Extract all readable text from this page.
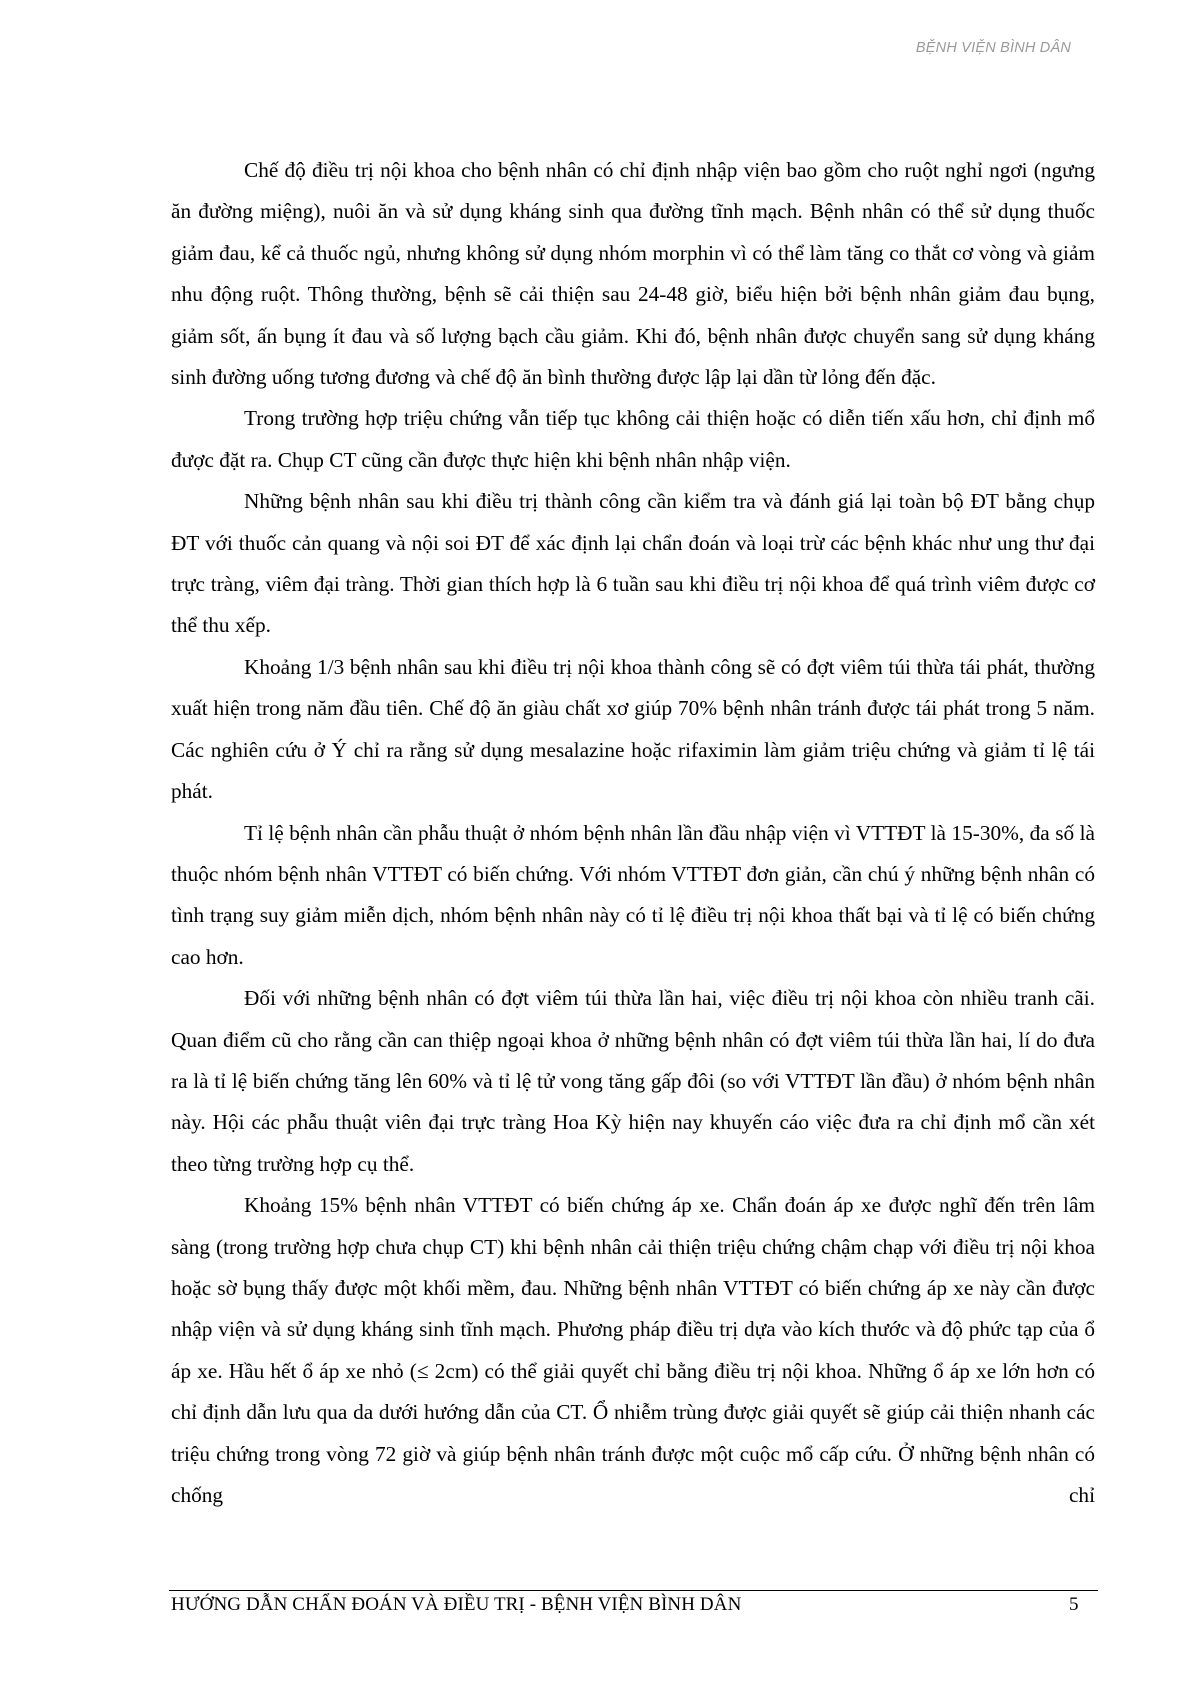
BỆNH VIỆN BÌNH DÂN

Chế độ điều trị nội khoa cho bệnh nhân có chỉ định nhập viện bao gồm cho ruột nghỉ ngơi (ngưng ăn đường miệng), nuôi ăn và sử dụng kháng sinh qua đường tĩnh mạch. Bệnh nhân có thể sử dụng thuốc giảm đau, kể cả thuốc ngủ, nhưng không sử dụng nhóm morphin vì có thể làm tăng co thắt cơ vòng và giảm nhu động ruột. Thông thường, bệnh sẽ cải thiện sau 24-48 giờ, biểu hiện bởi bệnh nhân giảm đau bụng, giảm sốt, ấn bụng ít đau và số lượng bạch cầu giảm. Khi đó, bệnh nhân được chuyển sang sử dụng kháng sinh đường uống tương đương và chế độ ăn bình thường được lập lại dần từ lỏng đến đặc.

Trong trường hợp triệu chứng vẫn tiếp tục không cải thiện hoặc có diễn tiến xấu hơn, chỉ định mổ được đặt ra. Chụp CT cũng cần được thực hiện khi bệnh nhân nhập viện.

Những bệnh nhân sau khi điều trị thành công cần kiểm tra và đánh giá lại toàn bộ ĐT bằng chụp ĐT với thuốc cản quang và nội soi ĐT để xác định lại chẩn đoán và loại trừ các bệnh khác như ung thư đại trực tràng, viêm đại tràng. Thời gian thích hợp là 6 tuần sau khi điều trị nội khoa để quá trình viêm được cơ thể thu xếp.

Khoảng 1/3 bệnh nhân sau khi điều trị nội khoa thành công sẽ có đợt viêm túi thừa tái phát, thường xuất hiện trong năm đầu tiên. Chế độ ăn giàu chất xơ giúp 70% bệnh nhân tránh được tái phát trong 5 năm. Các nghiên cứu ở Ý chỉ ra rằng sử dụng mesalazine hoặc rifaximin làm giảm triệu chứng và giảm tỉ lệ tái phát.

Tỉ lệ bệnh nhân cần phẫu thuật ở nhóm bệnh nhân lần đầu nhập viện vì VTTĐT là 15-30%, đa số là thuộc nhóm bệnh nhân VTTĐT có biến chứng. Với nhóm VTTĐT đơn giản, cần chú ý những bệnh nhân có tình trạng suy giảm miễn dịch, nhóm bệnh nhân này có tỉ lệ điều trị nội khoa thất bại và tỉ lệ có biến chứng cao hơn.

Đối với những bệnh nhân có đợt viêm túi thừa lần hai, việc điều trị nội khoa còn nhiều tranh cãi. Quan điểm cũ cho rằng cần can thiệp ngoại khoa ở những bệnh nhân có đợt viêm túi thừa lần hai, lí do đưa ra là tỉ lệ biến chứng tăng lên 60% và tỉ lệ tử vong tăng gấp đôi (so với VTTĐT lần đầu) ở nhóm bệnh nhân này. Hội các phẫu thuật viên đại trực tràng Hoa Kỳ hiện nay khuyến cáo việc đưa ra chỉ định mổ cần xét theo từng trường hợp cụ thể.

Khoảng 15% bệnh nhân VTTĐT có biến chứng áp xe. Chẩn đoán áp xe được nghĩ đến trên lâm sàng (trong trường hợp chưa chụp CT) khi bệnh nhân cải thiện triệu chứng chậm chạp với điều trị nội khoa hoặc sờ bụng thấy được một khối mềm, đau. Những bệnh nhân VTTĐT có biến chứng áp xe này cần được nhập viện và sử dụng kháng sinh tĩnh mạch. Phương pháp điều trị dựa vào kích thước và độ phức tạp của ổ áp xe. Hầu hết ổ áp xe nhỏ (≤ 2cm) có thể giải quyết chỉ bằng điều trị nội khoa. Những ổ áp xe lớn hơn có chỉ định dẫn lưu qua da dưới hướng dẫn của CT. Ổ nhiễm trùng được giải quyết sẽ giúp cải thiện nhanh các triệu chứng trong vòng 72 giờ và giúp bệnh nhân tránh được một cuộc mổ cấp cứu. Ở những bệnh nhân có chống chỉ

HƯỚNG DẪN CHẨN ĐOÁN VÀ ĐIỀU TRỊ - BỆNH VIỆN BÌNH DÂN	5
